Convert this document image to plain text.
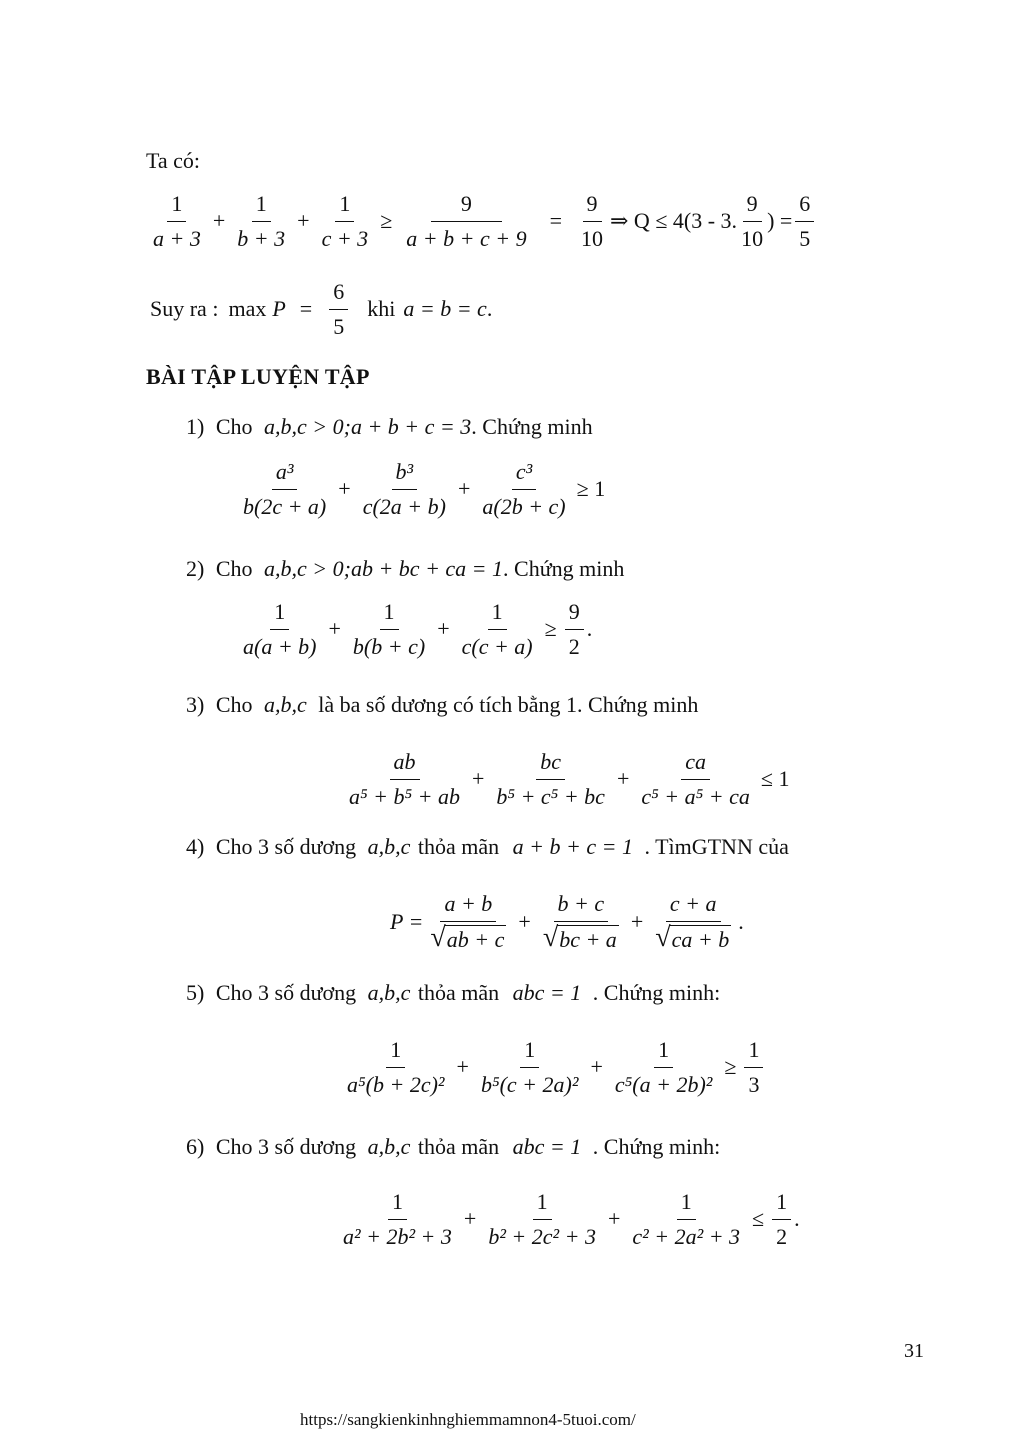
Ta có:
$\frac{1}{a + 3} + \frac{1}{b + 3} + \frac{1}{c + 3} \ge \frac{9}{a + b + c + 9} = \frac{9}{10}$ ⇒ Q ≤ 4(3 - 3. $\frac{9}{10}$ ) = $\frac{6}{5}$
Suy ra : $\max P = \frac{6}{5}$ khi a = b = c .
BÀI TẬP LUYỆN TẬP
1) Cho a,b,c > 0;a + b + c = 3. Chứng minh
$\frac{\text{a³}}{b(2c + a)} + \frac{\text{b³}}{c(2a + b)} + \frac{\text{c³}}{a(2b + c)} \ge 1$
2) Cho a,b,c > 0;ab + bc + ca = 1. Chứng minh
$\frac{1}{a(a + b)} + \frac{1}{b(b + c)} + \frac{1}{c(c + a)} \ge \frac{9}{2}$ .
3) Cho a,b,c là ba số dương có tích bằng 1. Chứng minh
$\frac{ab}{\text{a⁵ + b⁵ + ab}} + \frac{bc}{\text{b⁵ + c⁵ + bc}} + \frac{ca}{\text{c⁵ + a⁵ + ca}} \le 1$
4) Cho 3 số dương a,b,c thỏa mãn a + b + c = 1 . TìmGTNN của
$P = \frac{a + b}{√ ab + c} + \frac{b + c}{√ bc + a} + \frac{c + a}{√ ca + b}$ .
5) Cho 3 số dương a,b,c thỏa mãn abc = 1 . Chứng minh:
$\frac{1}{\text{a⁵(b + 2c)²}} + \frac{1}{\text{b⁵(c + 2a)²}} + \frac{1}{\text{c⁵(a + 2b)²}} \ge \frac{1}{3}$
6) Cho 3 số dương a,b,c thỏa mãn abc = 1 . Chứng minh:
$\frac{1}{\text{a² + 2b² + 3}} + \frac{1}{\text{b² + 2c² + 3}} + \frac{1}{\text{c² + 2a² + 3}} \le \frac{1}{2}$ .
31
https://sangkienkinhnghiemmamnon4-5tuoi.com/
